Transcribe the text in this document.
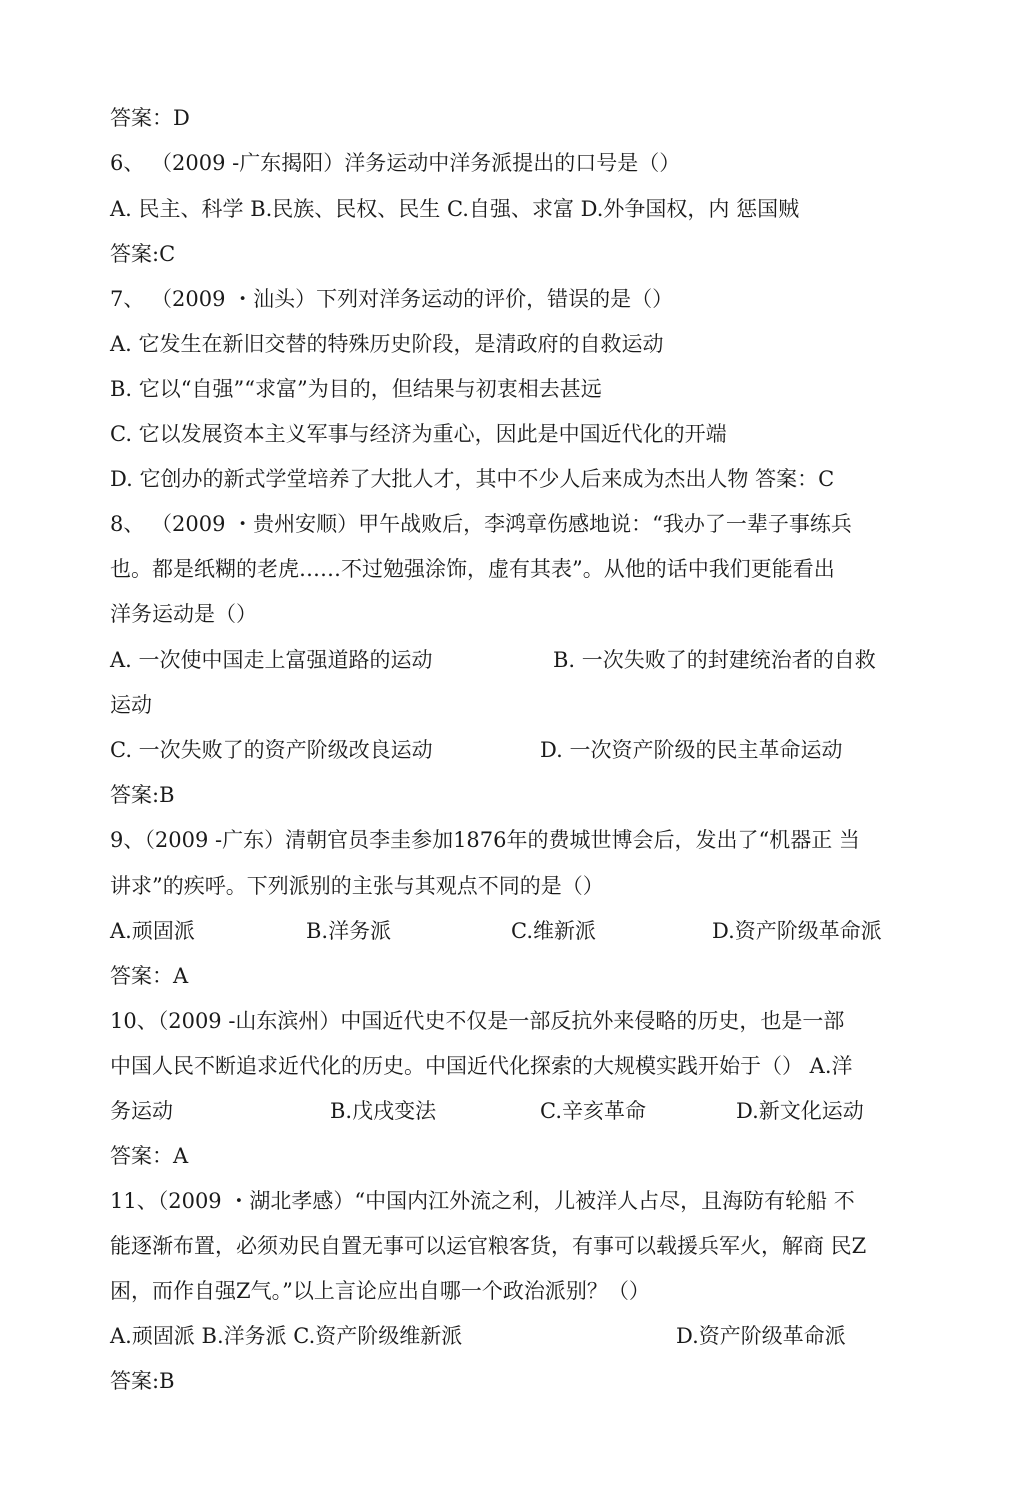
答案：D
6、 （2009 -广东揭阳）洋务运动中洋务派提出的口号是（）
A. 民主、科学 B.民族、民权、民生 C.自强、求富 D.外争国权，内 惩国贼
答案:C
7、 （2009 ・汕头）下列对洋务运动的评价，错误的是（）
A. 它发生在新旧交替的特殊历史阶段，是清政府的自救运动
B. 它以“自强”“求富”为目的，但结果与初衷相去甚远
C. 它以发展资本主义军事与经济为重心，因此是中国近代化的开端
D. 它创办的新式学堂培养了大批人才，其中不少人后来成为杰出人物 答案：C
8、 （2009 ・贵州安顺）甲午战败后，李鸿章伤感地说：“我办了一辈子事练兵
也。都是纸糊的老虎……不过勉强涂饰，虚有其表”。从他的话中我们更能看出
洋务运动是（）
A. 一次使中国走上富强道路的运动	B. 一次失败了的封建统治者的自救
运动
C. 一次失败了的资产阶级改良运动	D. 一次资产阶级的民主革命运动
答案:B
9、（2009 -广东）清朝官员李圭参加1876年的费城世博会后，发出了“机器正 当
讲求”的疾呼。下列派别的主张与其观点不同的是（）
A.顽固派	B.洋务派	C.维新派	D.资产阶级革命派
答案：A
10、（2009 -山东滨州）中国近代史不仅是一部反抗外来侵略的历史，也是一部
中国人民不断追求近代化的历史。中国近代化探索的大规模实践开始于（） A.洋
务运动	B.戊戌变法	C.辛亥革命	D.新文化运动
答案：A
11、（2009 ・湖北孝感）“中国内江外流之利，儿被洋人占尽，且海防有轮船 不
能逐渐布置，必须劝民自置无事可以运官粮客货，有事可以载援兵军火，解商 民Z
困，而作自强Z气。”以上言论应出自哪一个政治派别？（）
A.顽固派 B.洋务派 C.资产阶级维新派	D.资产阶级革命派
答案:B
